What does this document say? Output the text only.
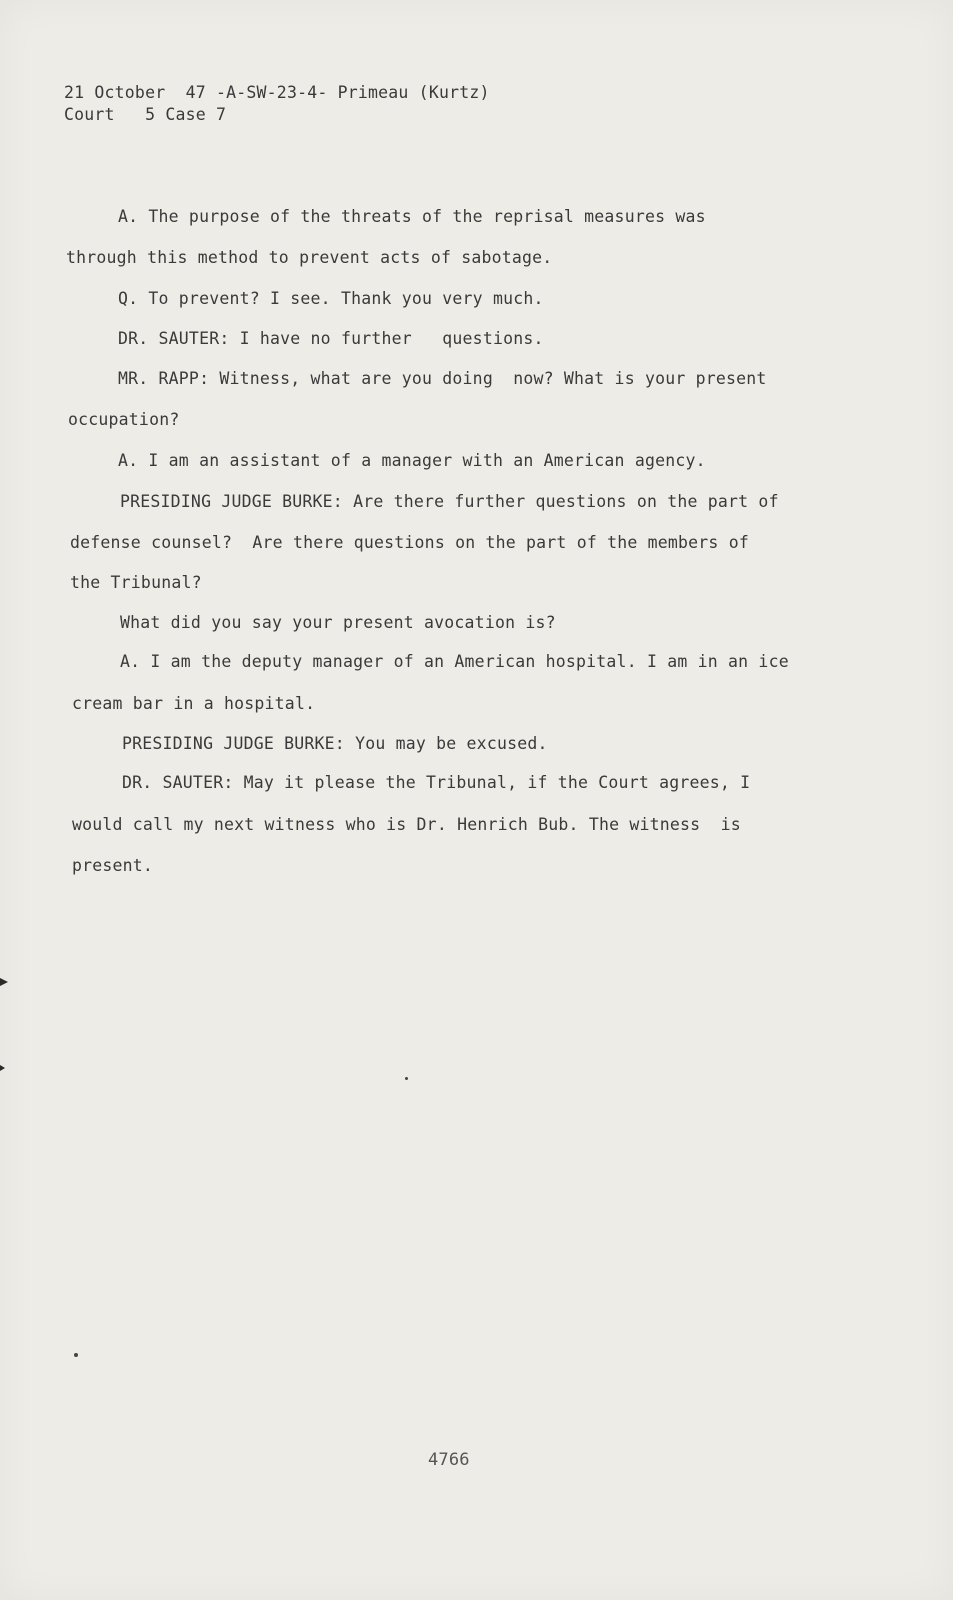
21 October  47 -A-SW-23-4- Primeau (Kurtz)
Court   5 Case 7
A. The purpose of the threats of the reprisal measures was
through this method to prevent acts of sabotage.
Q. To prevent? I see. Thank you very much.
DR. SAUTER: I have no further   questions.
MR. RAPP: Witness, what are you doing  now? What is your present
occupation?
A. I am an assistant of a manager with an American agency.
PRESIDING JUDGE BURKE: Are there further questions on the part of
defense counsel?  Are there questions on the part of the members of
the Tribunal?
What did you say your present avocation is?
A. I am the deputy manager of an American hospital. I am in an ice
cream bar in a hospital.
PRESIDING JUDGE BURKE: You may be excused.
DR. SAUTER: May it please the Tribunal, if the Court agrees, I
would call my next witness who is Dr. Henrich Bub. The witness  is
present.
4766
